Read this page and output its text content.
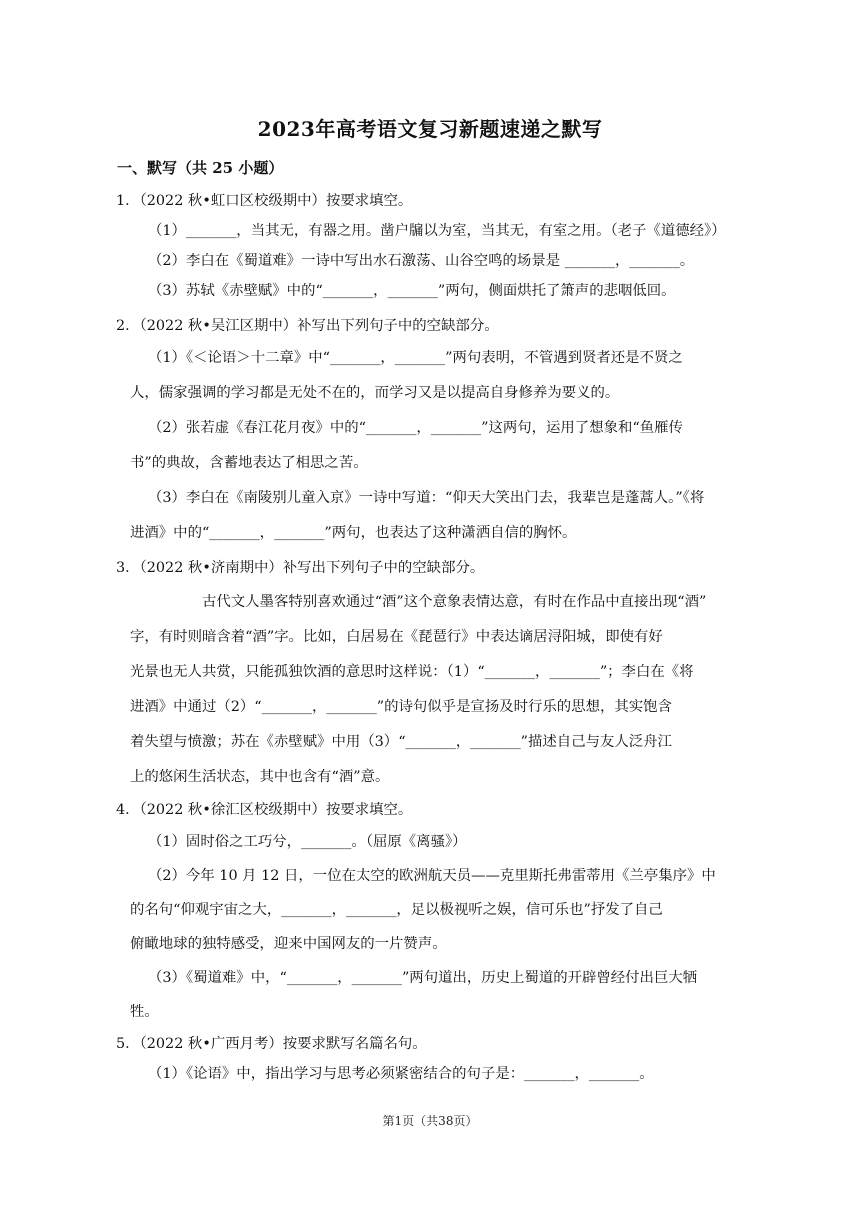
2023年高考语文复习新题速递之默写
一、默写（共 25 小题）
1．（2022 秋•虹口区校级期中）按要求填空。
（1）_______，当其无，有器之用。凿户牖以为室，当其无，有室之用。（老子《道德经》）
（2）李白在《蜀道难》一诗中写出水石激荡、山谷空鸣的场景是 _______，_______。
（3）苏轼《赤壁赋》中的“_______，_______”两句，侧面烘托了箫声的悲咽低回。
2．（2022 秋•吴江区期中）补写出下列句子中的空缺部分。
（1）《＜论语＞十二章》中“_______，_______”两句表明，不管遇到贤者还是不贤之
人，儒家强调的学习都是无处不在的，而学习又是以提高自身修养为要义的。
（2）张若虚《春江花月夜》中的“_______，_______”这两句，运用了想象和“鱼雁传
书”的典故，含蓄地表达了相思之苦。
（3）李白在《南陵别儿童入京》一诗中写道：“仰天大笑出门去，我辈岂是蓬蒿人。”《将
进酒》中的“_______，_______”两句，也表达了这种潇洒自信的胸怀。
3．（2022 秋•济南期中）补写出下列句子中的空缺部分。
古代文人墨客特别喜欢通过“酒”这个意象表情达意，有时在作品中直接出现“酒”
字，有时则暗含着“酒”字。比如，白居易在《琵琶行》中表达谪居浔阳城，即使有好
光景也无人共赏，只能孤独饮酒的意思时这样说：（1）“_______，_______”；李白在《将
进酒》中通过（2）“_______，_______”的诗句似乎是宣扬及时行乐的思想，其实饱含
着失望与愤激；苏在《赤壁赋》中用（3）“_______，_______”描述自己与友人泛舟江
上的悠闲生活状态，其中也含有“酒”意。
4．（2022 秋•徐汇区校级期中）按要求填空。
（1）固时俗之工巧兮，_______。（屈原《离骚》）
（2）今年 10 月 12 日，一位在太空的欧洲航天员——克里斯托弗雷蒂用《兰亭集序》中
的名句“仰观宇宙之大，_______，_______，足以极视听之娱，信可乐也”抒发了自己
俯瞰地球的独特感受，迎来中国网友的一片赞声。
（3）《蜀道难》中，“_______，_______”两句道出，历史上蜀道的开辟曾经付出巨大牺
牲。
5．（2022 秋•广西月考）按要求默写名篇名句。
（1）《论语》中，指出学习与思考必须紧密结合的句子是：_______，_______。
第1页（共38页）
